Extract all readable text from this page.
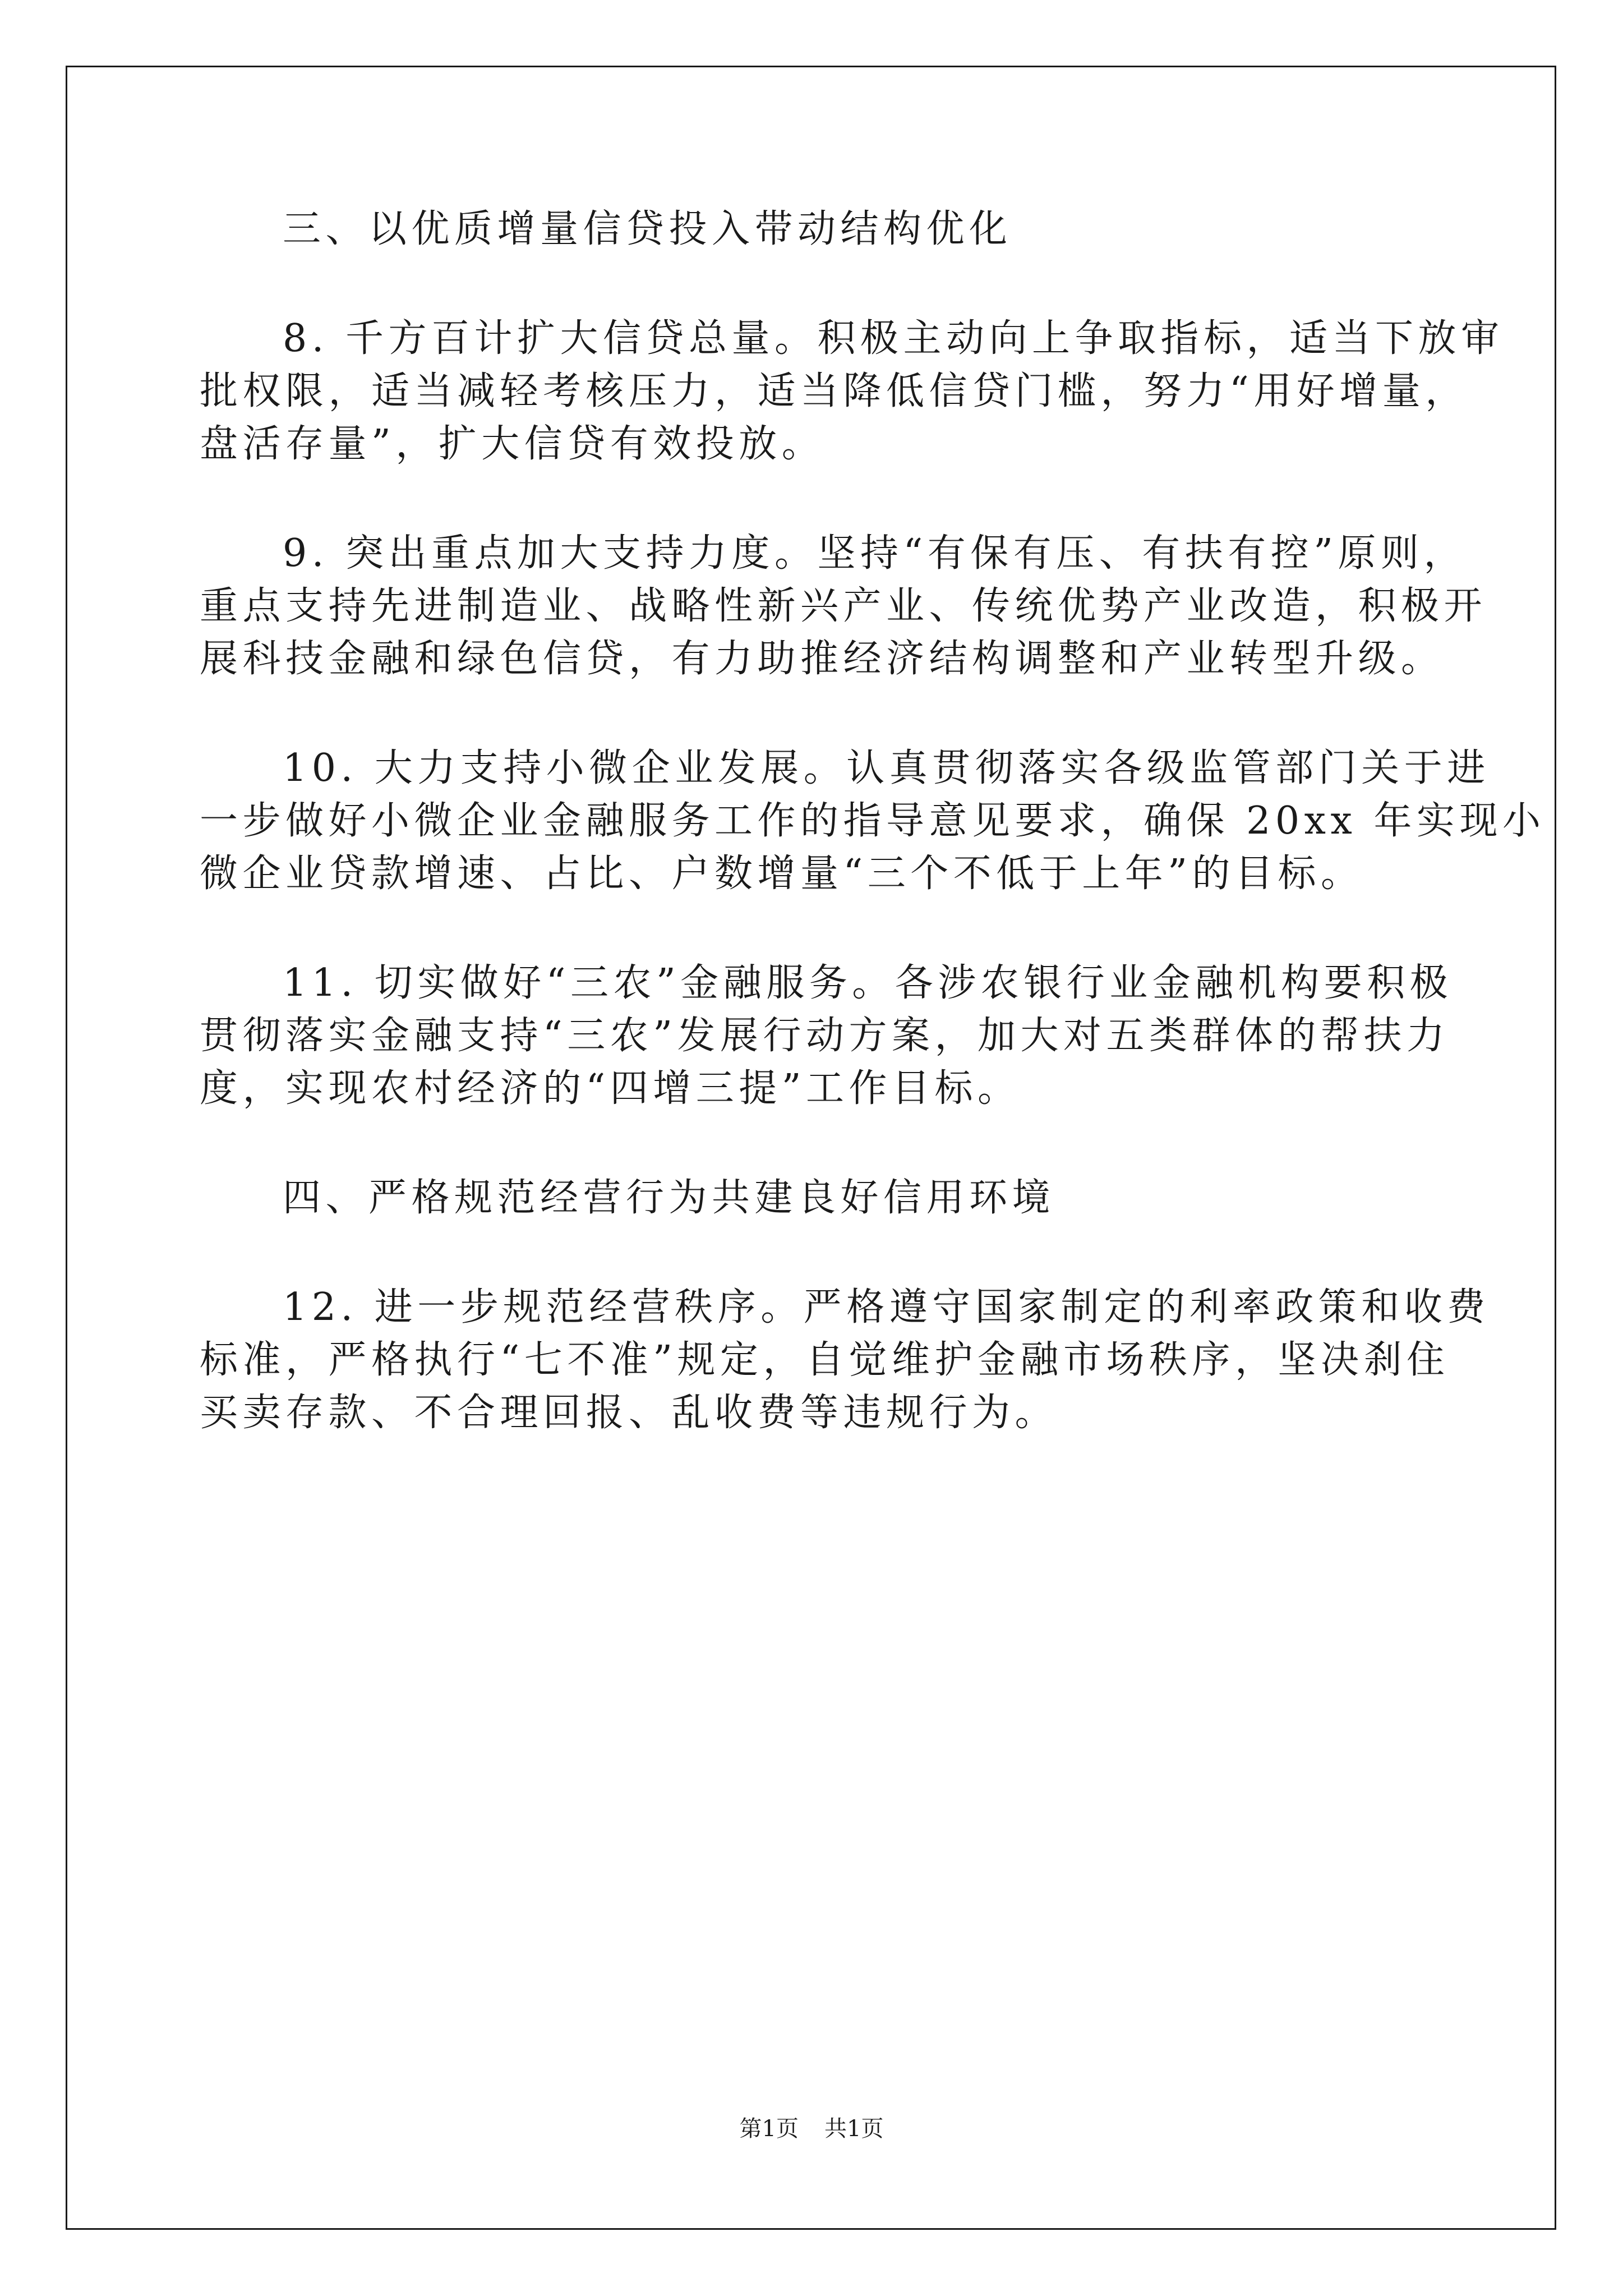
三、以优质增量信贷投入带动结构优化
8. 千方百计扩大信贷总量。积极主动向上争取指标，适当下放审
批权限，适当减轻考核压力，适当降低信贷门槛，努力“用好增量，
盘活存量”，扩大信贷有效投放。
9. 突出重点加大支持力度。坚持“有保有压、有扶有控”原则，
重点支持先进制造业、战略性新兴产业、传统优势产业改造，积极开
展科技金融和绿色信贷，有力助推经济结构调整和产业转型升级。
10. 大力支持小微企业发展。认真贯彻落实各级监管部门关于进
一步做好小微企业金融服务工作的指导意见要求，确保 20xx 年实现小
微企业贷款增速、占比、户数增量“三个不低于上年”的目标。
11. 切实做好“三农”金融服务。各涉农银行业金融机构要积极
贯彻落实金融支持“三农”发展行动方案，加大对五类群体的帮扶力
度，实现农村经济的“四增三提”工作目标。
四、严格规范经营行为共建良好信用环境
12. 进一步规范经营秩序。严格遵守国家制定的利率政策和收费
标准，严格执行“七不准”规定，自觉维护金融市场秩序，坚决刹住
买卖存款、不合理回报、乱收费等违规行为。
第1页 共1页
